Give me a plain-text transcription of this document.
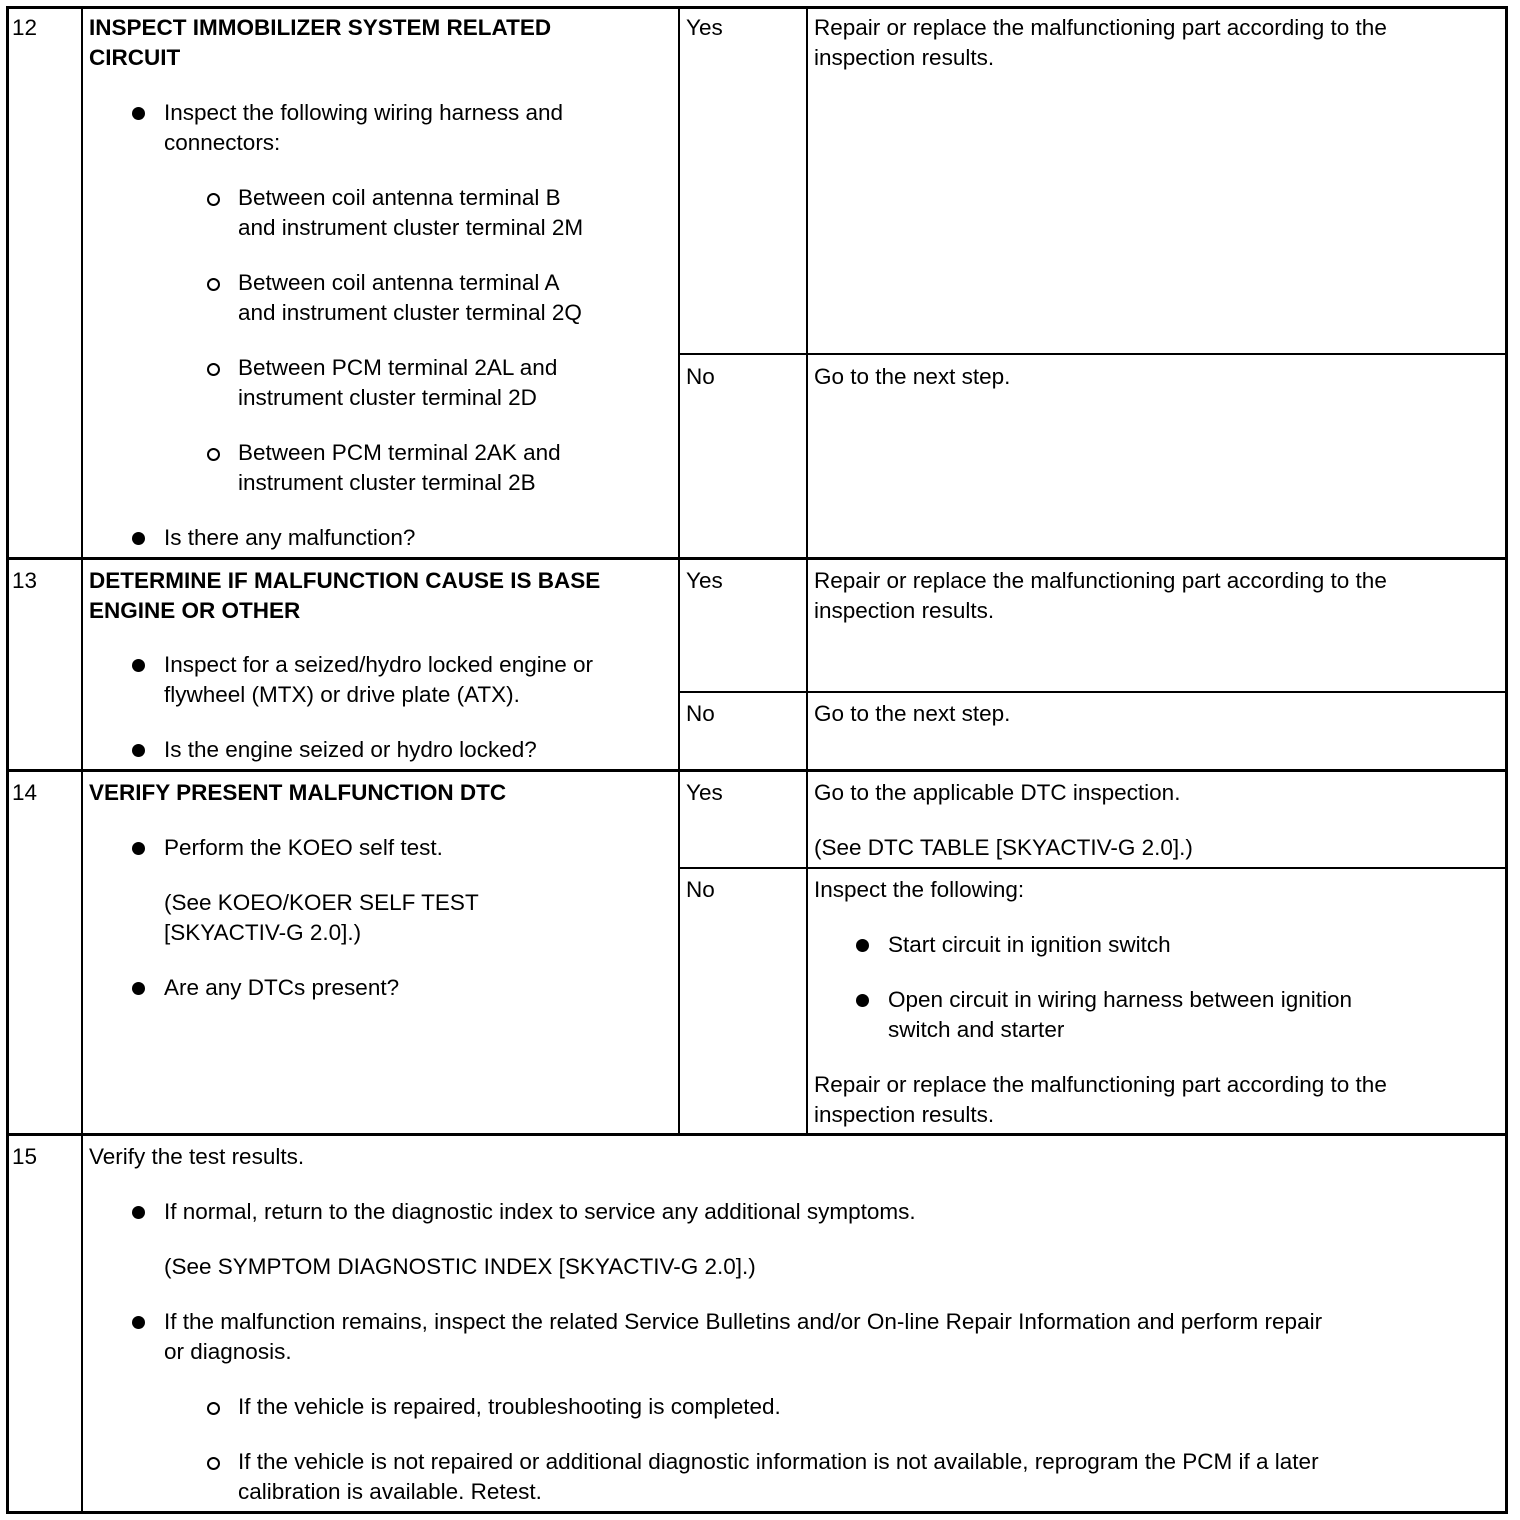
12 INSPECT IMMOBILIZER SYSTEM RELATED
CIRCUIT
Inspect the following wiring harness and
connectors:
Between coil antenna terminal B
and instrument cluster terminal 2M
Between coil antenna terminal A
and instrument cluster terminal 2Q
Between PCM terminal 2AL and
instrument cluster terminal 2D
Between PCM terminal 2AK and
instrument cluster terminal 2B
Is there any malfunction?
Yes	Repair or replace the malfunctioning part according to the
inspection results.
No	Go to the next step.
13 DETERMINE IF MALFUNCTION CAUSE IS BASE
ENGINE OR OTHER
Inspect for a seized/hydro locked engine or
flywheel (MTX) or drive plate (ATX).
Is the engine seized or hydro locked?
Yes	Repair or replace the malfunctioning part according to the
inspection results.
No	Go to the next step.
14 VERIFY PRESENT MALFUNCTION DTC
Perform the KOEO self test.
(See KOEO/KOER SELF TEST
[SKYACTIV-G 2.0].)
Are any DTCs present?
Yes	Go to the applicable DTC inspection.
(See DTC TABLE [SKYACTIV-G 2.0].)
No	Inspect the following:
Start circuit in ignition switch
Open circuit in wiring harness between ignition
switch and starter
Repair or replace the malfunctioning part according to the
inspection results.
15 Verify the test results.
If normal, return to the diagnostic index to service any additional symptoms.
(See SYMPTOM DIAGNOSTIC INDEX [SKYACTIV-G 2.0].)
If the malfunction remains, inspect the related Service Bulletins and/or On-line Repair Information and perform repair
or diagnosis.
If the vehicle is repaired, troubleshooting is completed.
If the vehicle is not repaired or additional diagnostic information is not available, reprogram the PCM if a later
calibration is available. Retest.
